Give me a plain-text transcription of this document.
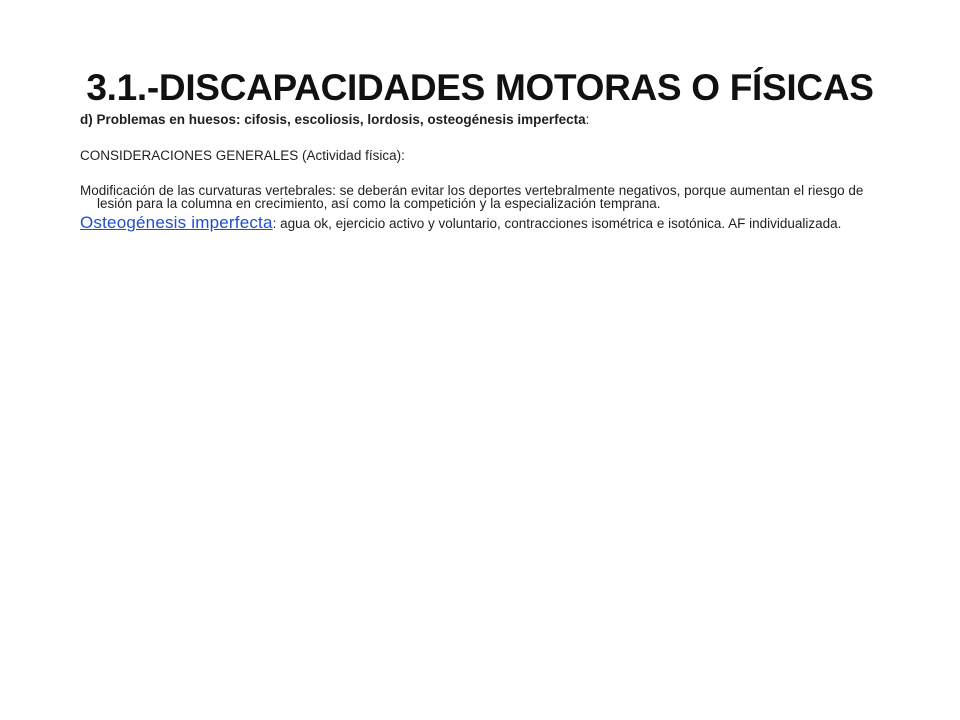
3.1.-DISCAPACIDADES MOTORAS O FÍSICAS

d) Problemas en huesos: cifosis, escoliosis, lordosis, osteogénesis imperfecta:

CONSIDERACIONES GENERALES (Actividad física):

Modificación de las curvaturas vertebrales: se deberán evitar los deportes vertebralmente negativos, porque aumentan el riesgo de lesión para la columna en crecimiento, así como la competición y la especialización temprana.

Osteogénesis imperfecta: agua ok, ejercicio activo y voluntario, contracciones isométrica e isotónica. AF individualizada.
